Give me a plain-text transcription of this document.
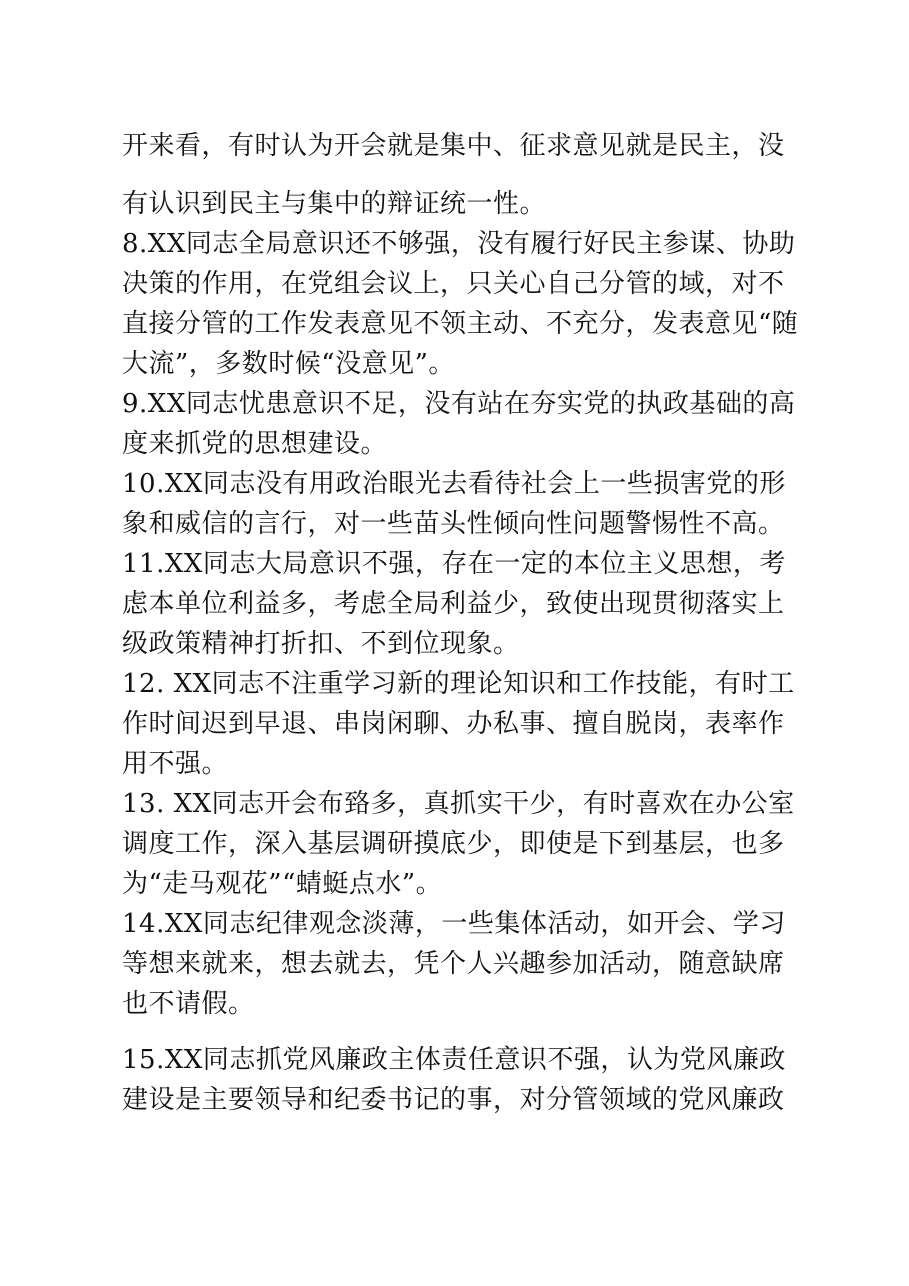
开来看，有时认为开会就是集中、征求意见就是民主，没
有认识到民主与集中的辩证统一性。
8.XX同志全局意识还不够强，没有履行好民主参谋、协助
决策的作用，在党组会议上，只关心自己分管的域，对不
直接分管的工作发表意见不领主动、不充分，发表意见“随
大流”，多数时候“没意见”。
9.XX同志忧患意识不足，没有站在夯实党的执政基础的高
度来抓党的思想建设。
10.XX同志没有用政治眼光去看待社会上一些损害党的形
象和威信的言行，对一些苗头性倾向性问题警惕性不高。
11.XX同志大局意识不强，存在一定的本位主义思想，考
虑本单位利益多，考虑全局利益少，致使出现贯彻落实上
级政策精神打折扣、不到位现象。
12. XX同志不注重学习新的理论知识和工作技能，有时工
作时间迟到早退、串岗闲聊、办私事、擅自脱岗，表率作
用不强。
13. XX同志开会布臵多，真抓实干少，有时喜欢在办公室
调度工作，深入基层调研摸底少，即使是下到基层，也多
为“走马观花”“蜻蜓点水”。
14.XX同志纪律观念淡薄，一些集体活动，如开会、学习
等想来就来，想去就去，凭个人兴趣参加活动，随意缺席
也不请假。
15.XX同志抓党风廉政主体责任意识不强，认为党风廉政
建设是主要领导和纪委书记的事，对分管领域的党风廉政
